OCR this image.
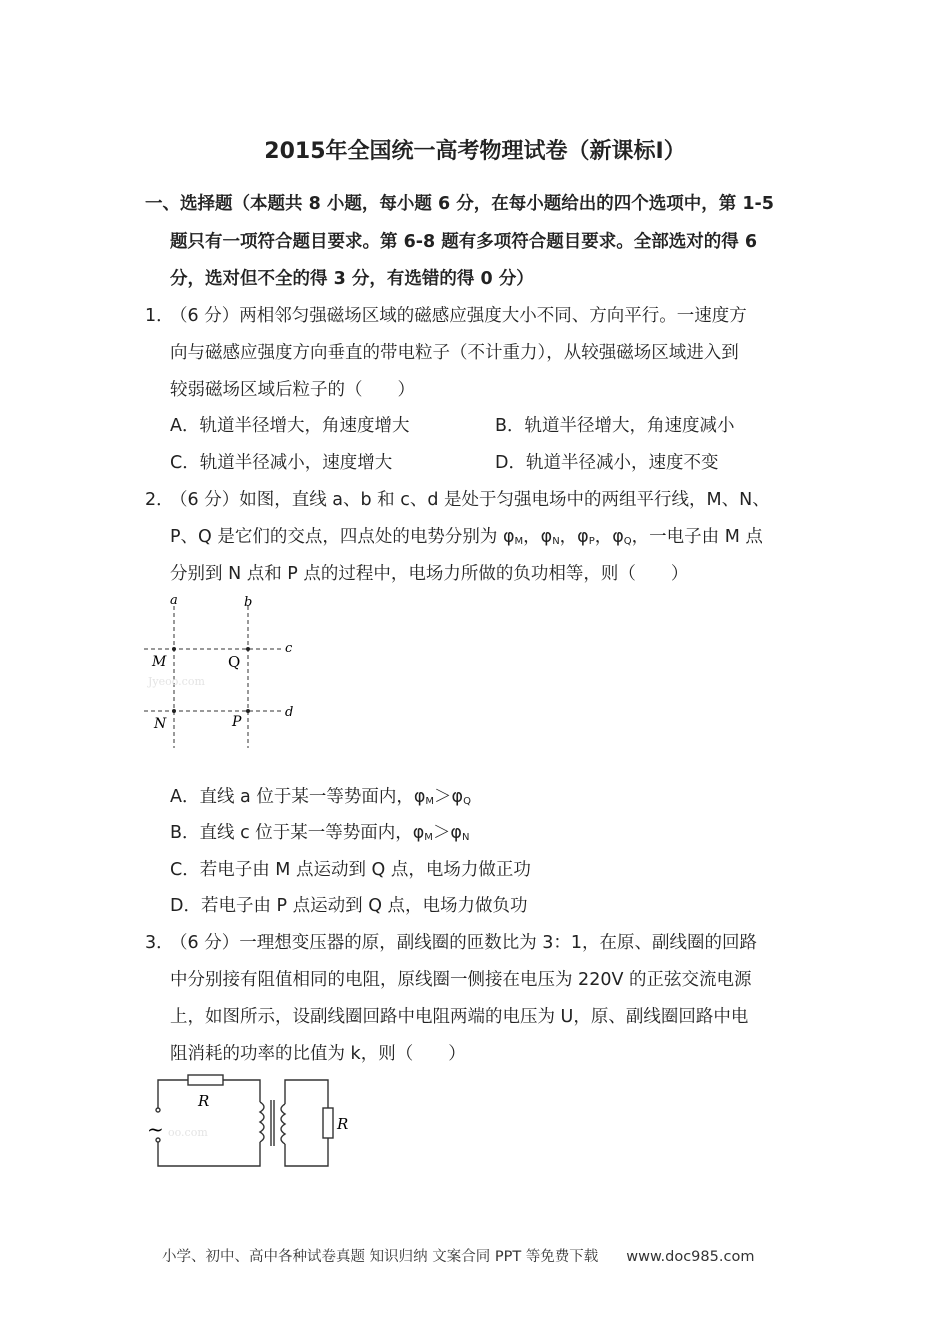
2015年全国统一高考物理试卷（新课标Ⅰ）
一、选择题（本题共 8 小题，每小题 6 分，在每小题给出的四个选项中，第 1-5
题只有一项符合题目要求。第 6-8 题有多项符合题目要求。全部选对的得 6
分，选对但不全的得 3 分，有选错的得 0 分）
1．
（6 分）两相邻匀强磁场区域的磁感应强度大小不同、方向平行。一速度方
向与磁感应强度方向垂直的带电粒子（不计重力），从较强磁场区域进入到
较弱磁场区域后粒子的（　　）
A．轨道半径增大，角速度增大	B．轨道半径增大，角速度减小
C．轨道半径减小，速度增大	D．轨道半径减小，速度不变
2．
（6 分）如图，直线 a、b 和 c、d 是处于匀强电场中的两组平行线，M、N、
P、Q 是它们的交点，四点处的电势分别为 $\varphi_M$，$\varphi_N$，$\varphi_P$，$\varphi_Q$，一电子由 M 点
分别到 N 点和 P 点的过程中，电场力所做的负功相等，则（　　）
a	b
c
d
M	Q
N	P
Jyeoo.com
A．直线 a 位于某一等势面内，$\varphi_M>\varphi_Q$
B．直线 c 位于某一等势面内，$\varphi_M>\varphi_N$
C．若电子由 M 点运动到 Q 点，电场力做正功
D．若电子由 P 点运动到 Q 点，电场力做负功
3．
（6 分）一理想变压器的原，副线圈的匝数比为 3：1，在原、副线圈的回路
中分别接有阻值相同的电阻，原线圈一侧接在电压为 220V 的正弦交流电源
上，如图所示，设副线圈回路中电阻两端的电压为 U，原、副线圈回路中电
阻消耗的功率的比值为 k，则（　　）
R
R
~ oo.com
小学、初中、高中各种试卷真题 知识归纳 文案合同 PPT 等免费下载 www.doc985.com
